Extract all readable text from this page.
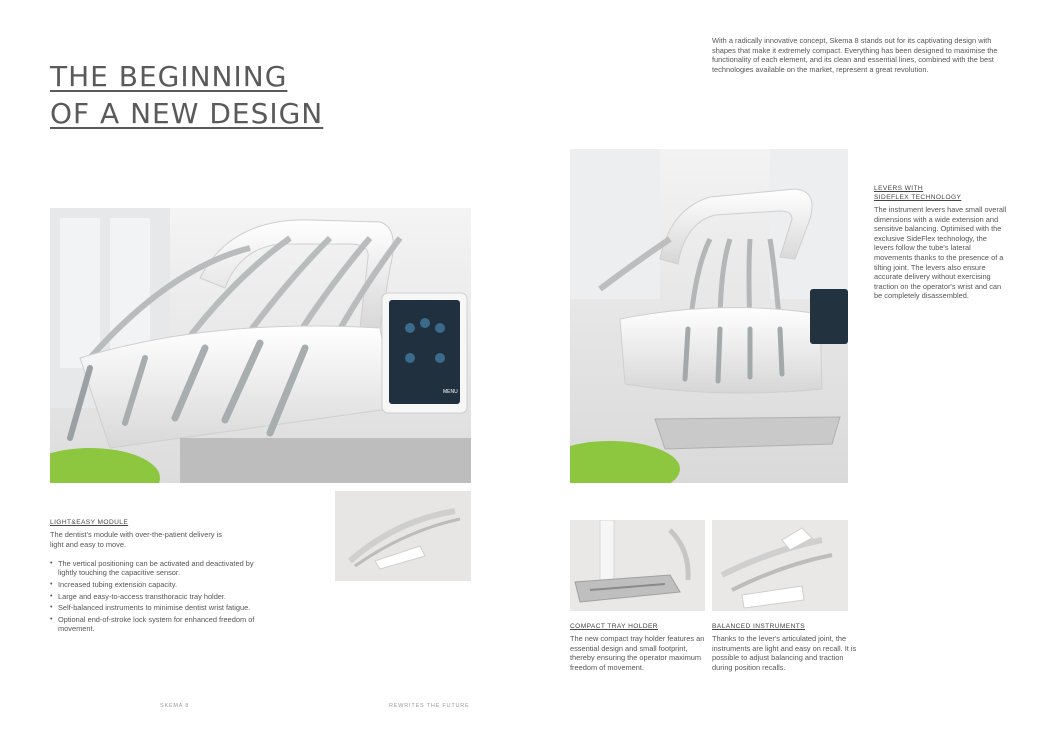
THE BEGINNING
OF A NEW DESIGN
With a radically innovative concept, Skema 8 stands out for its captivating design with shapes that make it extremely compact. Everything has been designed to maximise the functionality of each element, and its clean and essential lines, combined with the best technologies available on the market, represent a great revolution.
MENU
LIGHT&EASY MODULE
The dentist's module with over-the-patient delivery is light and easy to move.
• The vertical positioning can be activated and deactivated by lightly touching the capacitive sensor.
• Increased tubing extension capacity.
• Large and easy-to-access transthoracic tray holder.
• Self-balanced instruments to minimise dentist wrist fatigue.
• Optional end-of-stroke lock system for enhanced freedom of movement.
LEVERS WITH
SIDEFLEX TECHNOLOGY
The instrument levers have small overall dimensions with a wide extension and sensitive balancing. Optimised with the exclusive SideFlex technology, the levers follow the tube's lateral movements thanks to the presence of a tilting joint. The levers also ensure accurate delivery without exercising traction on the operator's wrist and can be completely disassembled.
COMPACT TRAY HOLDER
The new compact tray holder features an essential design and small footprint, thereby ensuring the operator maximum freedom of movement.
BALANCED INSTRUMENTS
Thanks to the lever's articulated joint, the instruments are light and easy on recall. It is possible to adjust balancing and traction during position recalls.
SKEMA 8	REWRITES THE FUTURE
